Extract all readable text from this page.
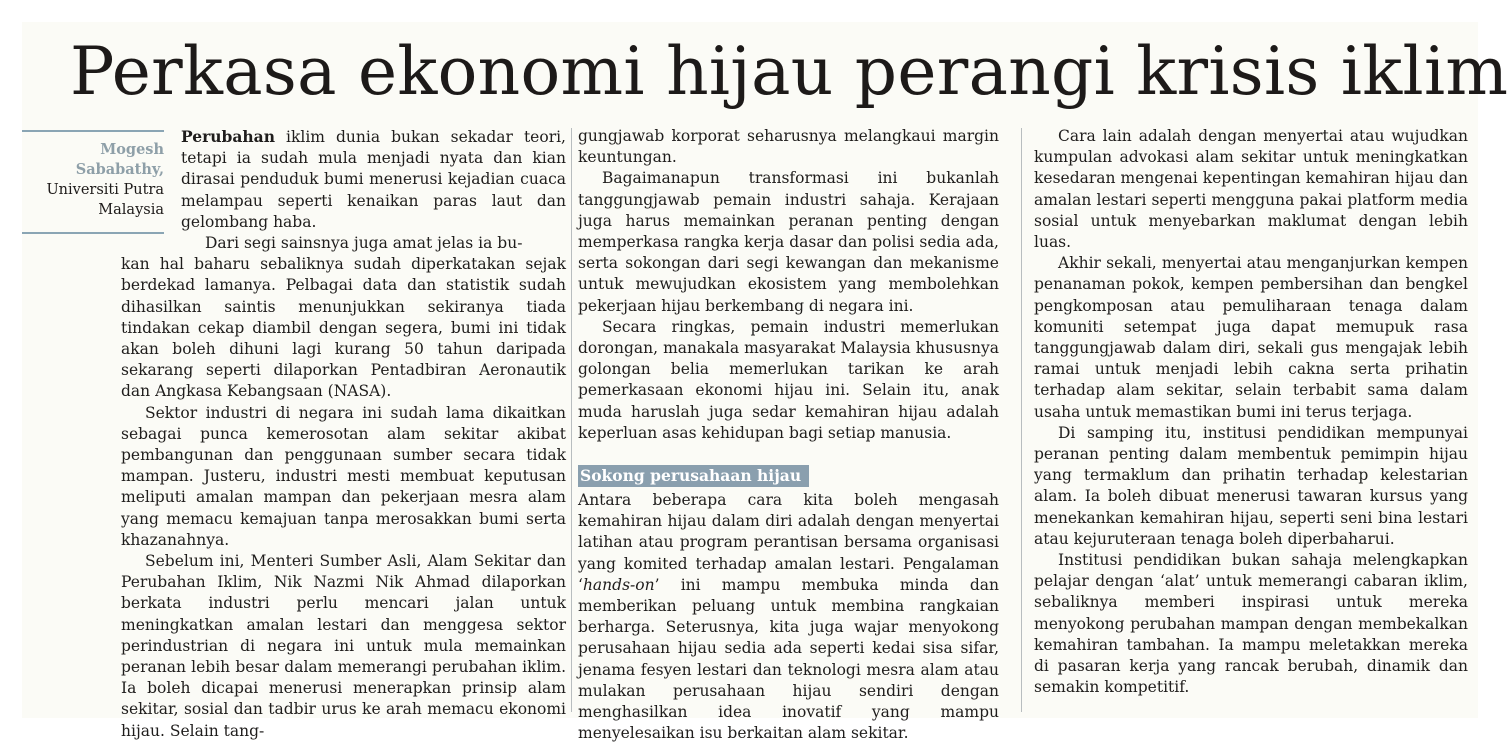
Perkasa ekonomi hijau perangi krisis iklim
Mogesh
Sababathy,
Universiti Putra
Malaysia

Perubahan iklim dunia bukan sekadar teori, tetapi ia sudah mula menjadi nyata dan kian dirasai penduduk bumi menerusi kejadian cuaca melampau seperti kenaikan paras laut dan gelombang haba.

Dari segi sainsnya juga amat jelas ia bu-

kan hal baharu sebaliknya sudah diperkatakan sejak berdekad lamanya. Pelbagai data dan statistik sudah dihasilkan saintis menunjukkan sekiranya tiada tindakan cekap diambil dengan segera, bumi ini tidak akan boleh dihuni lagi kurang 50 tahun daripada sekarang seperti dilaporkan Pentadbiran Aeronautik dan Angkasa Kebangsaan (NASA).

Sektor industri di negara ini sudah lama dikaitkan sebagai punca kemerosotan alam sekitar akibat pembangunan dan penggunaan sumber secara tidak mampan. Justeru, industri mesti membuat keputusan meliputi amalan mampan dan pekerjaan mesra alam yang memacu kemajuan tanpa merosakkan bumi serta khazanahnya.

Sebelum ini, Menteri Sumber Asli, Alam Sekitar dan Perubahan Iklim, Nik Nazmi Nik Ahmad dilaporkan berkata industri perlu mencari jalan untuk meningkatkan amalan lestari dan menggesa sektor perindustrian di negara ini untuk mula memainkan peranan lebih besar dalam memerangi perubahan iklim. Ia boleh dicapai menerusi menerapkan prinsip alam sekitar, sosial dan tadbir urus ke arah memacu ekonomi hijau. Selain tang-

gungjawab korporat seharusnya melangkaui margin keuntungan.

Bagaimanapun transformasi ini bukanlah tanggungjawab pemain industri sahaja. Kerajaan juga harus memainkan peranan penting dengan memperkasa rangka kerja dasar dan polisi sedia ada, serta sokongan dari segi kewangan dan mekanisme untuk mewujudkan ekosistem yang membolehkan pekerjaan hijau berkembang di negara ini.

Secara ringkas, pemain industri memerlukan dorongan, manakala masyarakat Malaysia khususnya golongan belia memerlukan tarikan ke arah pemerkasaan ekonomi hijau ini. Selain itu, anak muda haruslah juga sedar kemahiran hijau adalah keperluan asas kehidupan bagi setiap manusia.

Sokong perusahaan hijau

Antara beberapa cara kita boleh mengasah kemahiran hijau dalam diri adalah dengan menyertai latihan atau program perantisan bersama organisasi yang komited terhadap amalan lestari. Pengalaman ‘hands-on’ ini mampu membuka minda dan memberikan peluang untuk membina rangkaian berharga. Seterusnya, kita juga wajar menyokong perusahaan hijau sedia ada seperti kedai sisa sifar, jenama fesyen lestari dan teknologi mesra alam atau mulakan perusahaan hijau sendiri dengan menghasilkan idea inovatif yang mampu menyelesaikan isu berkaitan alam sekitar.

Cara lain adalah dengan menyertai atau wujudkan kumpulan advokasi alam sekitar untuk meningkatkan kesedaran mengenai kepentingan kemahiran hijau dan amalan lestari seperti mengguna pakai platform media sosial untuk menyebarkan maklumat dengan lebih luas.

Akhir sekali, menyertai atau menganjurkan kempen penanaman pokok, kempen pembersihan dan bengkel pengkomposan atau pemuliharaan tenaga dalam komuniti setempat juga dapat memupuk rasa tanggungjawab dalam diri, sekali gus mengajak lebih ramai untuk menjadi lebih cakna serta prihatin terhadap alam sekitar, selain terbabit sama dalam usaha untuk memastikan bumi ini terus terjaga.

Di samping itu, institusi pendidikan mempunyai peranan penting dalam membentuk pemimpin hijau yang termaklum dan prihatin terhadap kelestarian alam. Ia boleh dibuat menerusi tawaran kursus yang menekankan kemahiran hijau, seperti seni bina lestari atau kejuruteraan tenaga boleh diperbaharui.

Institusi pendidikan bukan sahaja melengkapkan pelajar dengan ‘alat’ untuk memerangi cabaran iklim, sebaliknya memberi inspirasi untuk mereka menyokong perubahan mampan dengan membekalkan kemahiran tambahan. Ia mampu meletakkan mereka di pasaran kerja yang rancak berubah, dinamik dan semakin kompetitif.
